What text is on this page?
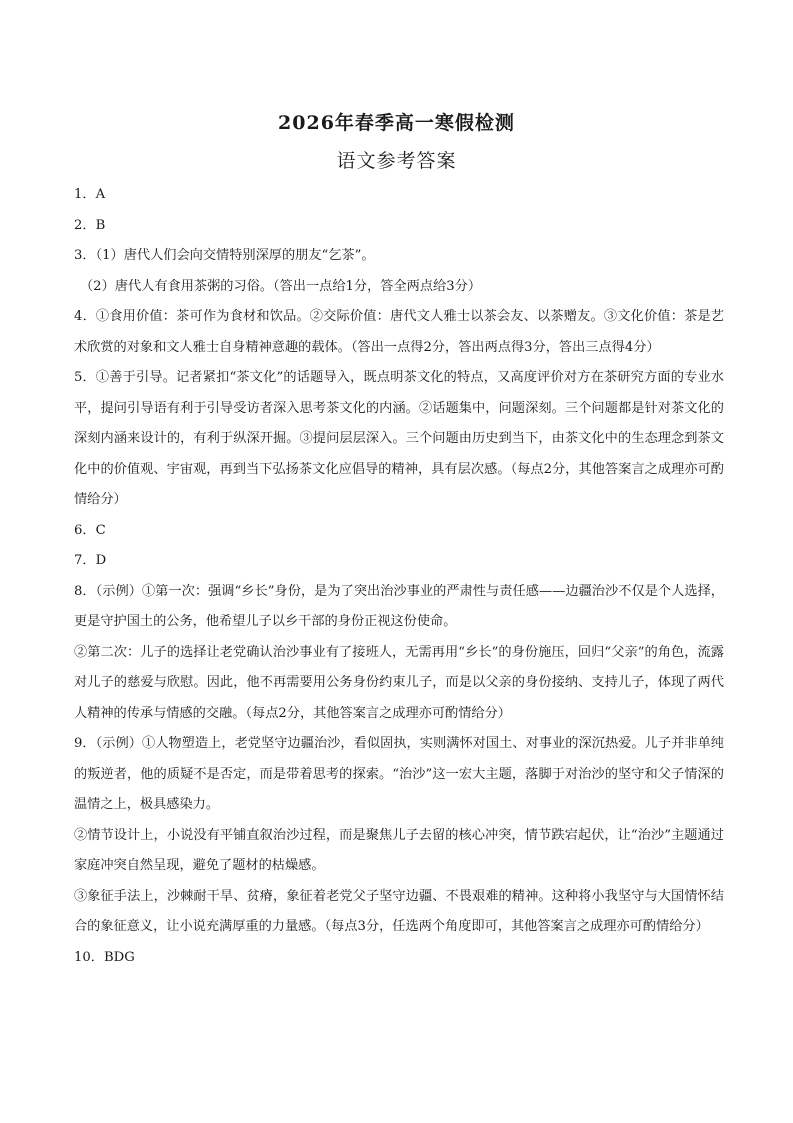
2026年春季高一寒假检测
语文参考答案

1．A

2．B

3．（1）唐代人们会向交情特别深厚的朋友“乞茶”。

（2）唐代人有食用茶粥的习俗。（答出一点给1分，答全两点给3分）

4．①食用价值：茶可作为食材和饮品。②交际价值：唐代文人雅士以茶会友、以茶赠友。③文化价值：茶是艺术欣赏的对象和文人雅士自身精神意趣的载体。（答出一点得2分，答出两点得3分，答出三点得4分）

5．①善于引导。记者紧扣“茶文化”的话题导入，既点明茶文化的特点，又高度评价对方在茶研究方面的专业水平，提问引导语有利于引导受访者深入思考茶文化的内涵。②话题集中，问题深刻。三个问题都是针对茶文化的深刻内涵来设计的，有利于纵深开掘。③提问层层深入。三个问题由历史到当下，由茶文化中的生态理念到茶文化中的价值观、宇宙观，再到当下弘扬茶文化应倡导的精神，具有层次感。（每点2分，其他答案言之成理亦可酌情给分）

6．C

7．D

8．（示例）①第一次：强调“乡长”身份，是为了突出治沙事业的严肃性与责任感——边疆治沙不仅是个人选择，更是守护国土的公务，他希望儿子以乡干部的身份正视这份使命。

②第二次：儿子的选择让老党确认治沙事业有了接班人，无需再用“乡长”的身份施压，回归“父亲”的角色，流露对儿子的慈爱与欣慰。因此，他不再需要用公务身份约束儿子，而是以父亲的身份接纳、支持儿子，体现了两代人精神的传承与情感的交融。（每点2分，其他答案言之成理亦可酌情给分）

9．（示例）①人物塑造上，老党坚守边疆治沙，看似固执，实则满怀对国土、对事业的深沉热爱。儿子并非单纯的叛逆者，他的质疑不是否定，而是带着思考的探索。“治沙”这一宏大主题，落脚于对治沙的坚守和父子情深的温情之上，极具感染力。

②情节设计上，小说没有平铺直叙治沙过程，而是聚焦儿子去留的核心冲突，情节跌宕起伏，让“治沙”主题通过家庭冲突自然呈现，避免了题材的枯燥感。

③象征手法上，沙棘耐干旱、贫瘠，象征着老党父子坚守边疆、不畏艰难的精神。这种将小我坚守与大国情怀结合的象征意义，让小说充满厚重的力量感。（每点3分，任选两个角度即可，其他答案言之成理亦可酌情给分）

10．BDG
